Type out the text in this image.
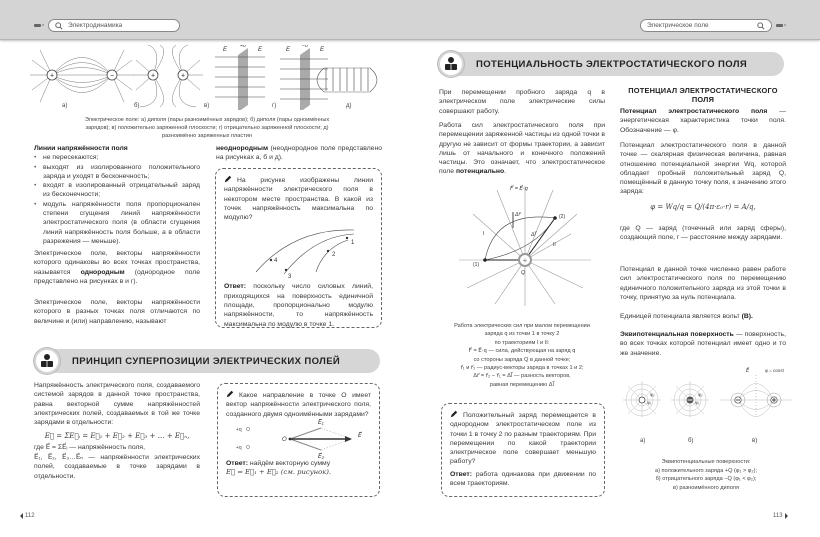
Электродинамика	Электрическое поле
+	−	+	+
E
+σ
E	E
−σ
E
а)	б)	в)	г)	д)
Электрическое поле: а) диполя (пары разноимённых зарядов); б) диполя (пары одноимённых зарядов); в) положительно заряженной плоскости; г) отрицательно заряженной плоскости; д) разноимённо заряженных пластин
Линии напряжённости поля
• не пересекаются;
• выходят из изолированного положительного заряда и уходят в бесконечность;
• входят в изолированный отрицательный заряд из бесконечности;
• модуль напряжённости поля пропорционален степени сгущения линий напряжённости электростатического поля (в области сгущения линий напряжённость поля больше, а в области разрежения — меньше).
Электрическое поле, векторы напряжённости которого одинаковы во всех точках пространства, называется однородным (однородное поле представлено на рисунках в и г).
Электрическое поле, векторы напряжённости которого в разных точках поля отличаются по величине и (или) направлению, называют
неоднородным (неоднородное поле представлено на рисунках а, б и д).
На рисунке изображены линии напряжённости электрического поля в некотором месте пространства. В какой из точек напряжённость максимальна по модулю?
1
2
3
4
Ответ: поскольку число силовых линий, приходящихся на поверхность единичной площади, пропорционально модулю напряжённости, то напряжённость максимальна по модулю в точке 1.
ПРИНЦИП СУПЕРПОЗИЦИИ ЭЛЕКТРИЧЕСКИХ ПОЛЕЙ
Напряжённость электрического поля, создаваемого системой зарядов в данной точке пространства, равна векторной сумме напряжённостей электрических полей, создаваемых в той же точке зарядами в отдельности:
E⃗ = ΣE⃗ᵢ = E⃗₁ + E⃗₂ + E⃗₃ + … + E⃗ₙ,
где E⃗ = ΣE⃗ᵢ — напряжённость поля,
E⃗₁, E⃗₂, E⃗₃…E⃗ₙ — напряжённости электрических полей, создаваемые в точке зарядами в отдельности.
Какое направление в точке O имеет вектор напряжённости электрического поля, созданного двумя одноимёнными зарядами?
+q
+q
O
E⃗₁
E⃗₂
E⃗
Ответ: найдём векторную сумму
E⃗ = E⃗₁ + E⃗₂ (см. рисунок).
112
ПОТЕНЦИАЛЬНОСТЬ ЭЛЕКТРОСТАТИЧЕСКОГО ПОЛЯ
При перемещении пробного заряда q в электрическом поле электрические силы совершают работу.
Работа сил электростатического поля при перемещении заряженной частицы из одной точки в другую не зависит от формы траектории, а зависит лишь от начального и конечного положений частицы. Это означает, что электростатическое поле потенциально.
+
F⃗ = E⃗·q
(2)
(1)
I
II
Q
Δr⃗
Δl⃗
Работа электрических сил при малом перемещении
заряда q из точки 1 в точку 2
по траекториям I и II:
F⃗ = E⃗·q — сила, действующая на заряд q
со стороны заряда Q в данной точке;
r⃗₁ и r⃗₂ — радиус-векторы заряда в точках 1 и 2;
Δr⃗ = r⃗₂ − r⃗₁ = Δl⃗ — разность векторов,
равная перемещению Δl⃗
Положительный заряд перемещается в однородном электростатическом поле из точки 1 в точку 2 по разным траекториям. При перемещении по какой траектории электрическое поле совершает меньшую работу?
Ответ: работа одинакова при движении по всем траекториям.
ПОТЕНЦИАЛ ЭЛЕКТРОСТАТИЧЕСКОГО ПОЛЯ
Потенциал электростатического поля — энергетическая характеристика точки поля. Обозначение — φ.
Потенциал электростатического поля в данной точке — скалярная физическая величина, равная отношению потенциальной энергии Wq, которой обладает пробный положительный заряд Q, помещённый в данную точку поля, к значению этого заряда:
φ = Wq/q = Q/(4π·ε₀·r) = A/q,
где Q — заряд (точечный или заряд сферы), создающий поле, r — расстояние между зарядами.
Потенциал в данной точке численно равен работе сил электростатического поля по перемещению единичного положительного заряда из этой точки в точку, принятую за нуль потенциала.
Единицей потенциала является вольт (В).
Эквипотенциальная поверхность — поверхность, во всех точках которой потенциал имеет одно и то же значение.
E⃗	φ = const
φ₂
φ₁
φ₂
φ₁
а)	б)	в)
Эквипотенциальные поверхности:
а) положительного заряда +Q (φ₁ > φ₂);
б) отрицательного заряда −Q (φ₁ < φ₂);
в) разноимённого диполя
113
